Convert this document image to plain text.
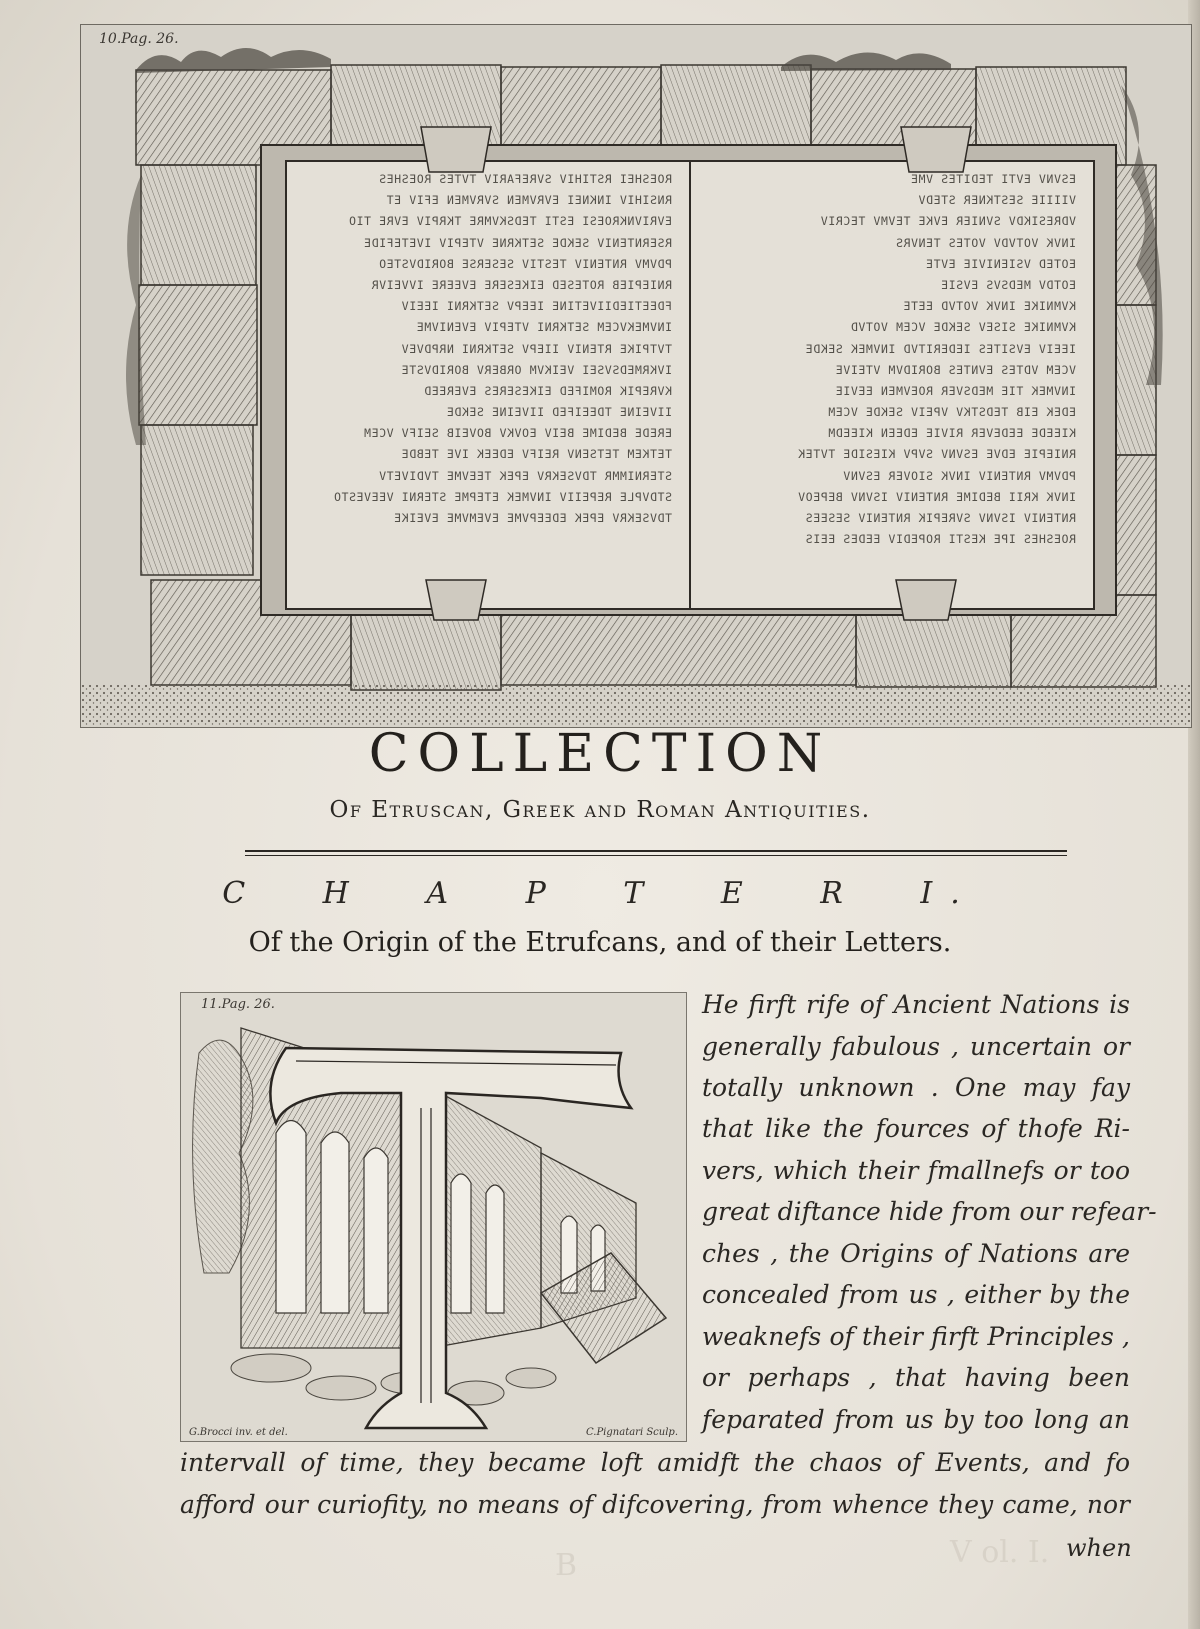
V ol. I.
B
10.Pag. 26.
ROESHEI RSTIHIV SVREFARIV TVTES ROESHES
RNSIHIV INKNEI EVRVMEN SVRVMEN EFIV ET
EVRIVNKROESI ESTI TEDSKVMRE TKRPIV EVRE TIO
RSERNTENIV SEKDE SETKRNE VTEPIV IVETEFIDE
PDVMV RNTENIV TESTIV SESERSE BORIDVSTEO
RNIEPIEB ROTESED EIKESERE EVEERE IVVEIVR
FDEETIEDIIVETINE IEEPV SETKRNI IEEIV
INVMEKVCEM SETKRNI VTEPIV EVENIVME
TVTPIKE RTENIV IIEPV SETKRNI NRPDVEV
IVKRMEDSVSEI VEIKVM ORBERV BORIDVSTE
KVREPIK ROMIFED EIKESERES EVEREED
IIVEINE TDEEIFED IIVEINE SEKDE
EREDE BEDIME BEIV EOVKV BOVEIB SEIFV VCEM
TETKEM TETSENV REIFV EDEEK IVE TEBDE
STERNIMMR TDVSEKRV EPEK TEEVME TVDIVETV
STDVPLE REPEIIV INVMEK ETEPME STERNI VEEVESTO
TDVSEKRV EPEK EDEEPVME EVEMVME EVEIKE
ESVNV EVTI TEDITES VME
VIIIIE SESTKNER STEDV
VDRESIKDV SVNIER EVKE TEVMV TECRIV
INVK VOTVDV VOTES TENVRS
EOTED VSIENIVIE EVTE
EOTDV MEDSVS EVSIE
KVMNIKE INVK VOTVD EETE
KVMNIKE SISEV SEKDE VCEM VOTVD
IEEIV EVSITES IEDERITVD INVMEK SEKDE
VCEM VDTES EVNTES BORIDVM VTEIVE
INVMEK TIE MEDSVER ROEVMEN EEVIE
EDEK EIB TEDSTKV VPEIV SEKDE VCEM
KIEEDE EEDEVER RIVIE EDEEN KIEEDM
RNIEPIE EDVE ESVNV SVPV KIESIDE TVTEK
PDVMV RNTENIV INVK SIOVER ESVNV
INVK KRII BEDIME RNTENIV ISVNV BEPEOV
RNTENIV ISVNV SVREPIK RNTENIV SESEES
ROESHES IPE KESTI ROPEDIV EEDES EEIS
COLLECTION
Of Etruscan, Greek and Roman Antiquities.
C H A P T E R I.
Of the Origin of the Etrufcans, and of their Letters.
11.Pag. 26.
G.Brocci inv. et del.	C.Pignatari Sculp.
He firft rife of Ancient Nations is
generally fabulous , uncertain or
totally unknown . One may fay
that like the fources of thofe Ri-
vers, which their fmallnefs or too
great diftance hide from our refear-
ches , the Origins of Nations are
concealed from us , either by the
weaknefs of their firft Principles ,
or perhaps , that having been
feparated from us by too long an
intervall of time, they became loft amidft the chaos of Events, and fo
afford our curiofity, no means of difcovering, from whence they came, nor
when
